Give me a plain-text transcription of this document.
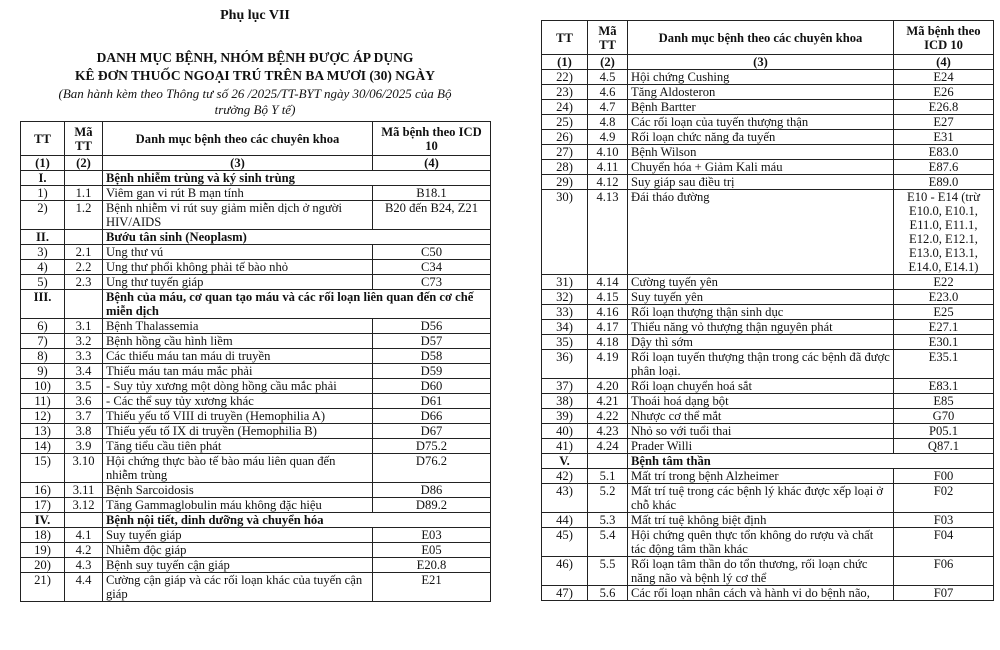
Phụ lục VII
DANH MỤC BỆNH, NHÓM BỆNH ĐƯỢC ÁP DỤNG
KÊ ĐƠN THUỐC NGOẠI TRÚ TRÊN BA MƯƠI (30) NGÀY
(Ban hành kèm theo Thông tư số 26 /2025/TT-BYT ngày 30/06/2025 của Bộ
trưởng Bộ Y tế)
TT	Mã TT	Danh mục bệnh theo các chuyên khoa	Mã bệnh theo ICD 10
(1)	(2)	(3)	(4)
I.		Bệnh nhiễm trùng và ký sinh trùng	
1)	1.1	Viêm gan vi rút B mạn tính	B18.1
2)	1.2	Bệnh nhiễm vi rút suy giảm miễn dịch ở người HIV/AIDS	B20 đến B24, Z21
II.		Bướu tân sinh (Neoplasm)	
3)	2.1	Ung thư vú	C50
4)	2.2	Ung thư phổi không phải tế bào nhỏ	C34
5)	2.3	Ung thư tuyến giáp	C73
III.		Bệnh của máu, cơ quan tạo máu và các rối loạn liên quan đến cơ chế miễn dịch	
6)	3.1	Bệnh Thalassemia	D56
7)	3.2	Bệnh hồng cầu hình liềm	D57
8)	3.3	Các thiếu máu tan máu di truyền	D58
9)	3.4	Thiếu máu tan máu mắc phải	D59
10)	3.5	- Suy tủy xương một dòng hồng cầu mắc phải	D60
11)	3.6	- Các thể suy tủy xương khác	D61
12)	3.7	Thiếu yếu tố VIII di truyền (Hemophilia A)	D66
13)	3.8	Thiếu yếu tố IX di truyền (Hemophilia B)	D67
14)	3.9	Tăng tiểu cầu tiên phát	D75.2
15)	3.10	Hội chứng thực bào tế bào máu liên quan đến nhiễm trùng	D76.2
16)	3.11	Bệnh Sarcoidosis	D86
17)	3.12	Tăng Gammaglobulin máu không đặc hiệu	D89.2
IV.		Bệnh nội tiết, dinh dưỡng và chuyển hóa	
18)	4.1	Suy tuyến giáp	E03
19)	4.2	Nhiễm độc giáp	E05
20)	4.3	Bệnh suy tuyến cận giáp	E20.8
21)	4.4	Cường cận giáp và các rối loạn khác của tuyến cận giáp	E21
TT	Mã TT	Danh mục bệnh theo các chuyên khoa	Mã bệnh theo ICD 10
(1)	(2)	(3)	(4)
22)	4.5	Hội chứng Cushing	E24
23)	4.6	Tăng Aldosteron	E26
24)	4.7	Bệnh Bartter	E26.8
25)	4.8	Các rối loạn của tuyến thượng thận	E27
26)	4.9	Rối loạn chức năng đa tuyến	E31
27)	4.10	Bệnh Wilson	E83.0
28)	4.11	Chuyển hóa + Giảm Kali máu	E87.6
29)	4.12	Suy giáp sau điều trị	E89.0
30)	4.13	Đái tháo đường	E10 - E14 (trừ E10.0, E10.1, E11.0, E11.1, E12.0, E12.1, E13.0, E13.1, E14.0, E14.1)
31)	4.14	Cường tuyến yên	E22
32)	4.15	Suy tuyến yên	E23.0
33)	4.16	Rối loạn thượng thận sinh dục	E25
34)	4.17	Thiểu năng vỏ thượng thận nguyên phát	E27.1
35)	4.18	Dậy thì sớm	E30.1
36)	4.19	Rối loạn tuyến thượng thận trong các bệnh đã được phân loại.	E35.1
37)	4.20	Rối loạn chuyển hoá sắt	E83.1
38)	4.21	Thoái hoá dạng bột	E85
39)	4.22	Nhược cơ thể mắt	G70
40)	4.23	Nhỏ so với tuổi thai	P05.1
41)	4.24	Prader Willi	Q87.1
V.		Bệnh tâm thần	
42)	5.1	Mất trí trong bệnh Alzheimer	F00
43)	5.2	Mất trí tuệ trong các bệnh lý khác được xếp loại ở chỗ khác	F02
44)	5.3	Mất trí tuệ không biệt định	F03
45)	5.4	Hội chứng quên thực tổn không do rượu và chất tác động tâm thần khác	F04
46)	5.5	Rối loạn tâm thần do tổn thương, rối loạn chức năng não và bệnh lý cơ thể	F06
47)	5.6	Các rối loạn nhân cách và hành vi do bệnh não,	F07
